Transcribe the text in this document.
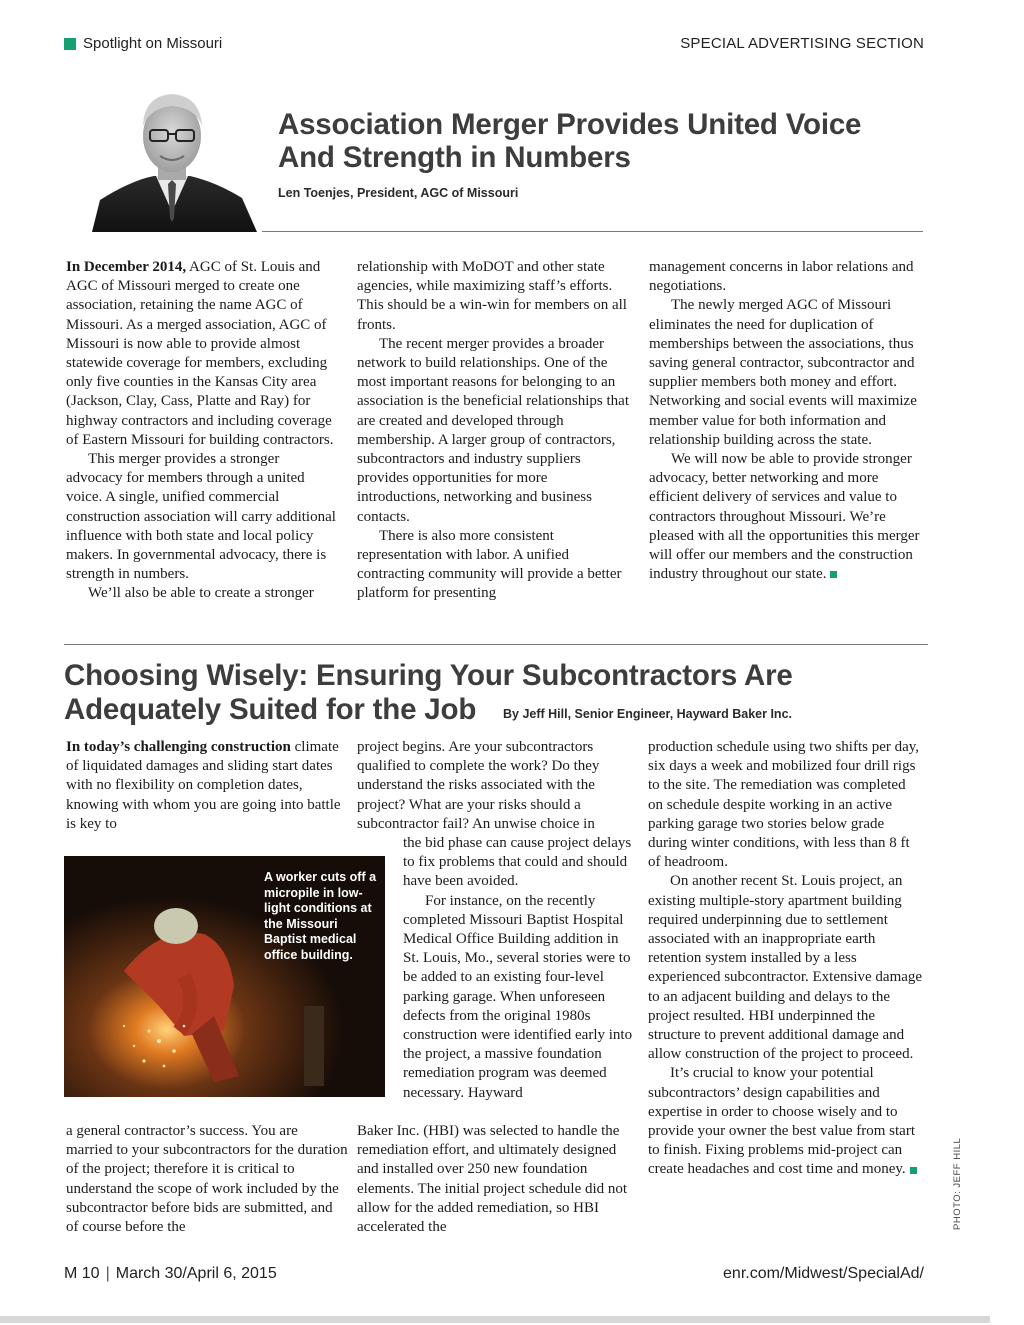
Spotlight on Missouri	SPECIAL ADVERTISING SECTION
Association Merger Provides United Voice And Strength in Numbers
Len Toenjes, President, AGC of Missouri

In December 2014, AGC of St. Louis and AGC of Missouri merged to create one association, retaining the name AGC of Missouri. As a merged association, AGC of Missouri is now able to provide almost statewide coverage for members, excluding only five counties in the Kansas City area (Jackson, Clay, Cass, Platte and Ray) for highway contractors and including coverage of Eastern Missouri for building contractors.

This merger provides a stronger advocacy for members through a united voice. A single, unified commercial construction association will carry additional influence with both state and local policy makers. In governmental advocacy, there is strength in numbers.

We’ll also be able to create a stronger

relationship with MoDOT and other state agencies, while maximizing staff’s efforts. This should be a win-win for members on all fronts.

The recent merger provides a broader network to build relationships. One of the most important reasons for belonging to an association is the beneficial relationships that are created and developed through membership. A larger group of contractors, subcontractors and industry suppliers provides opportunities for more introductions, networking and business contacts.

There is also more consistent representation with labor. A unified contracting community will provide a better platform for presenting

management concerns in labor relations and negotiations.

The newly merged AGC of Missouri eliminates the need for duplication of memberships between the associations, thus saving general contractor, subcontractor and supplier members both money and effort. Networking and social events will maximize member value for both information and relationship building across the state.

We will now be able to provide stronger advocacy, better networking and more efficient delivery of services and value to contractors throughout Missouri. We’re pleased with all the opportunities this merger will offer our members and the construction industry throughout our state.

Choosing Wisely: Ensuring Your Subcontractors Are Adequately Suited for the Job	By Jeff Hill, Senior Engineer, Hayward Baker Inc.

In today’s challenging construction climate of liquidated damages and sliding start dates with no flexibility on completion dates, knowing with whom you are going into battle is key to

A worker cuts off a micropile in low-light conditions at the Missouri Baptist medical office building.

a general contractor’s success. You are married to your subcontractors for the duration of the project; therefore it is critical to understand the scope of work included by the subcontractor before bids are submitted, and of course before the

project begins. Are your subcontractors qualified to complete the work? Do they understand the risks associated with the project? What are your risks should a subcontractor fail? An unwise choice in

the bid phase can cause project delays to fix problems that could and should have been avoided.

For instance, on the recently completed Missouri Baptist Hospital Medical Office Building addition in St. Louis, Mo., several stories were to be added to an existing four-level parking garage. When unforeseen defects from the original 1980s construction were identified early into the project, a massive foundation remediation program was deemed necessary. Hayward

Baker Inc. (HBI) was selected to handle the remediation effort, and ultimately designed and installed over 250 new foundation elements. The initial project schedule did not allow for the added remediation, so HBI accelerated the

production schedule using two shifts per day, six days a week and mobilized four drill rigs to the site. The remediation was completed on schedule despite working in an active parking garage two stories below grade during winter conditions, with less than 8 ft of headroom.

On another recent St. Louis project, an existing multiple-story apartment building required underpinning due to settlement associated with an inappropriate earth retention system installed by a less experienced subcontractor. Extensive damage to an adjacent building and delays to the project resulted. HBI underpinned the structure to prevent additional damage and allow construction of the project to proceed.

It’s crucial to know your potential subcontractors’ design capabilities and expertise in order to choose wisely and to provide your owner the best value from start to finish. Fixing problems mid-project can create headaches and cost time and money.	PHOTO: JEFF HILL
M 10 | March 30/April 6, 2015	enr.com/Midwest/SpecialAd/
